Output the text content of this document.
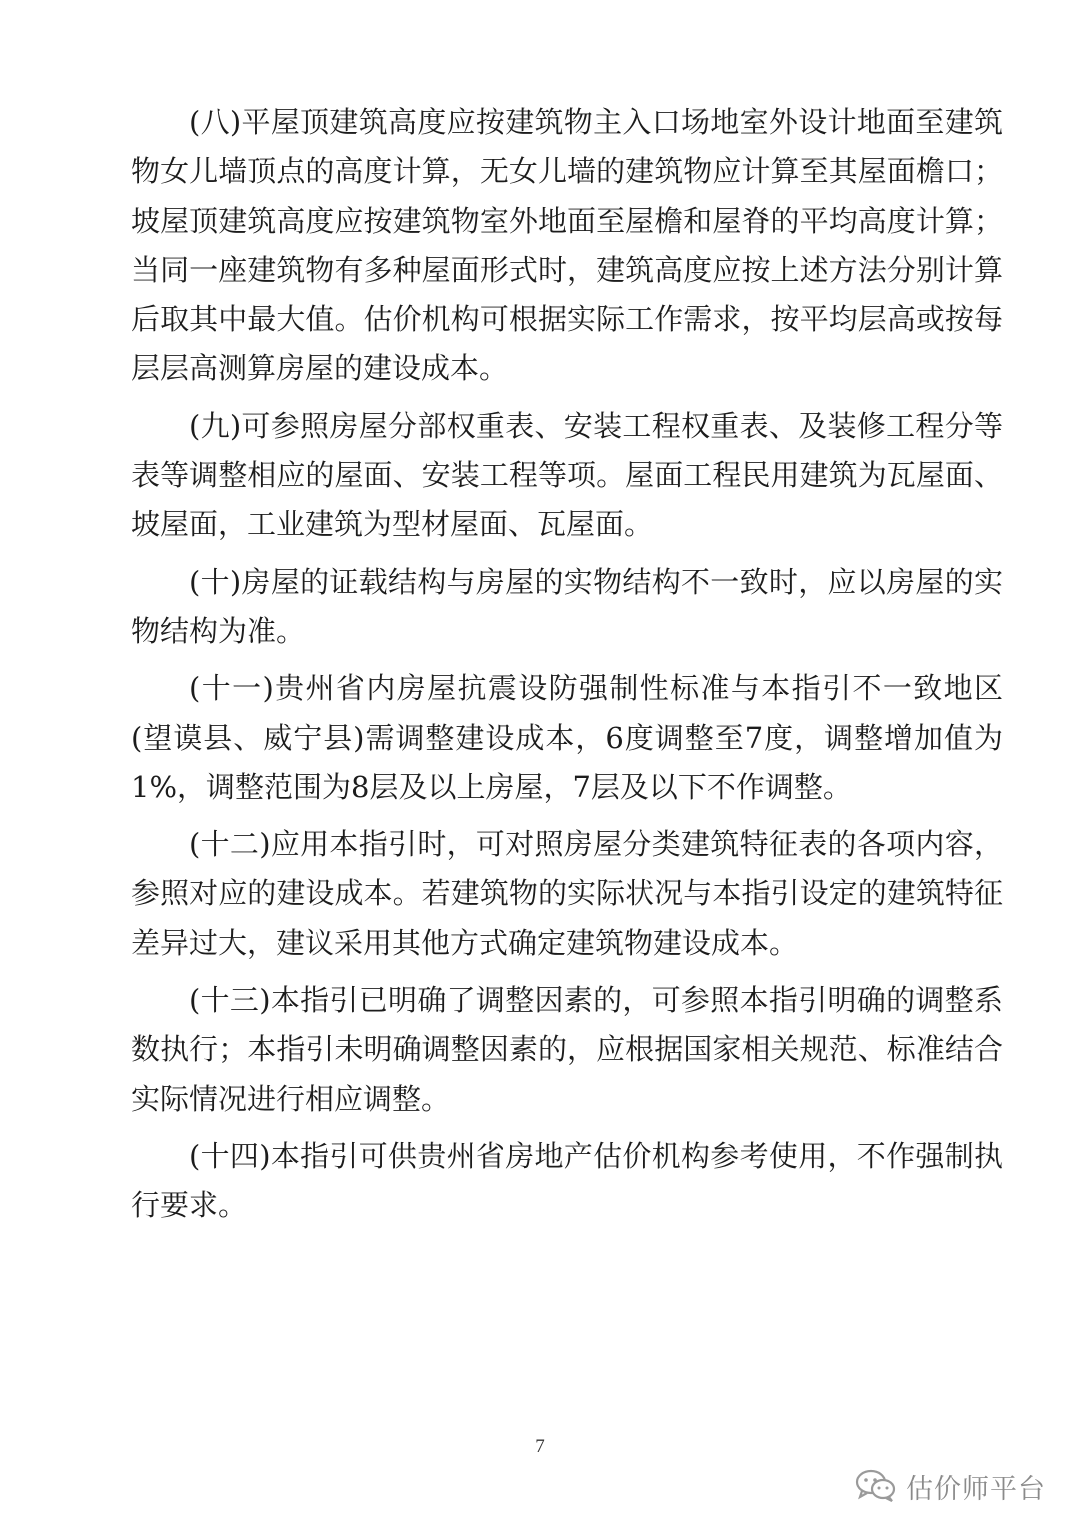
(八)平屋顶建筑高度应按建筑物主入口场地室外设计地面至建筑物女儿墙顶点的高度计算，无女儿墙的建筑物应计算至其屋面檐口；坡屋顶建筑高度应按建筑物室外地面至屋檐和屋脊的平均高度计算；当同一座建筑物有多种屋面形式时，建筑高度应按上述方法分别计算后取其中最大值。估价机构可根据实际工作需求，按平均层高或按每层层高测算房屋的建设成本。

(九)可参照房屋分部权重表、安装工程权重表、及装修工程分等表等调整相应的屋面、安装工程等项。屋面工程民用建筑为瓦屋面、坡屋面，工业建筑为型材屋面、瓦屋面。

(十)房屋的证载结构与房屋的实物结构不一致时，应以房屋的实物结构为准。

(十一)贵州省内房屋抗震设防强制性标准与本指引不一致地区(望谟县、威宁县)需调整建设成本，6度调整至7度，调整增加值为1%，调整范围为8层及以上房屋，7层及以下不作调整。

(十二)应用本指引时，可对照房屋分类建筑特征表的各项内容，参照对应的建设成本。若建筑物的实际状况与本指引设定的建筑特征差异过大，建议采用其他方式确定建筑物建设成本。

(十三)本指引已明确了调整因素的，可参照本指引明确的调整系数执行；本指引未明确调整因素的，应根据国家相关规范、标准结合实际情况进行相应调整。

(十四)本指引可供贵州省房地产估价机构参考使用，不作强制执行要求。

7
估价师平台
